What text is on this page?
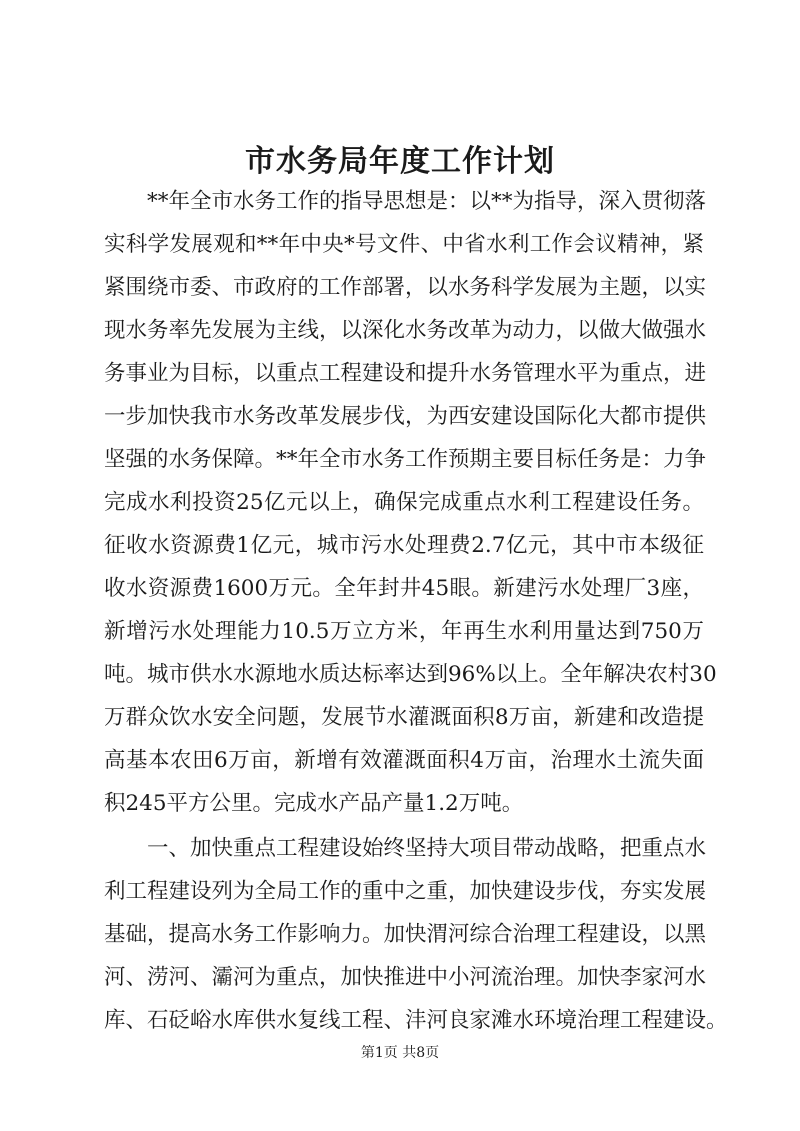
市水务局年度工作计划
**年全市水务工作的指导思想是：以**为指导，深入贯彻落
实科学发展观和**年中央*号文件、中省水利工作会议精神，紧
紧围绕市委、市政府的工作部署，以水务科学发展为主题，以实
现水务率先发展为主线，以深化水务改革为动力，以做大做强水
务事业为目标，以重点工程建设和提升水务管理水平为重点，进
一步加快我市水务改革发展步伐，为西安建设国际化大都市提供
坚强的水务保障。**年全市水务工作预期主要目标任务是：力争
完成水利投资25亿元以上，确保完成重点水利工程建设任务。
征收水资源费1亿元，城市污水处理费2.7亿元，其中市本级征
收水资源费1600万元。全年封井45眼。新建污水处理厂3座，
新增污水处理能力10.5万立方米，年再生水利用量达到750万
吨。城市供水水源地水质达标率达到96%以上。全年解决农村30
万群众饮水安全问题，发展节水灌溉面积8万亩，新建和改造提
高基本农田6万亩，新增有效灌溉面积4万亩，治理水土流失面
积245平方公里。完成水产品产量1.2万吨。
一、加快重点工程建设始终坚持大项目带动战略，把重点水
利工程建设列为全局工作的重中之重，加快建设步伐，夯实发展
基础，提高水务工作影响力。加快渭河综合治理工程建设，以黑
河、涝河、灞河为重点，加快推进中小河流治理。加快李家河水
库、石砭峪水库供水复线工程、沣河良家滩水环境治理工程建设。
第1页 共8页
